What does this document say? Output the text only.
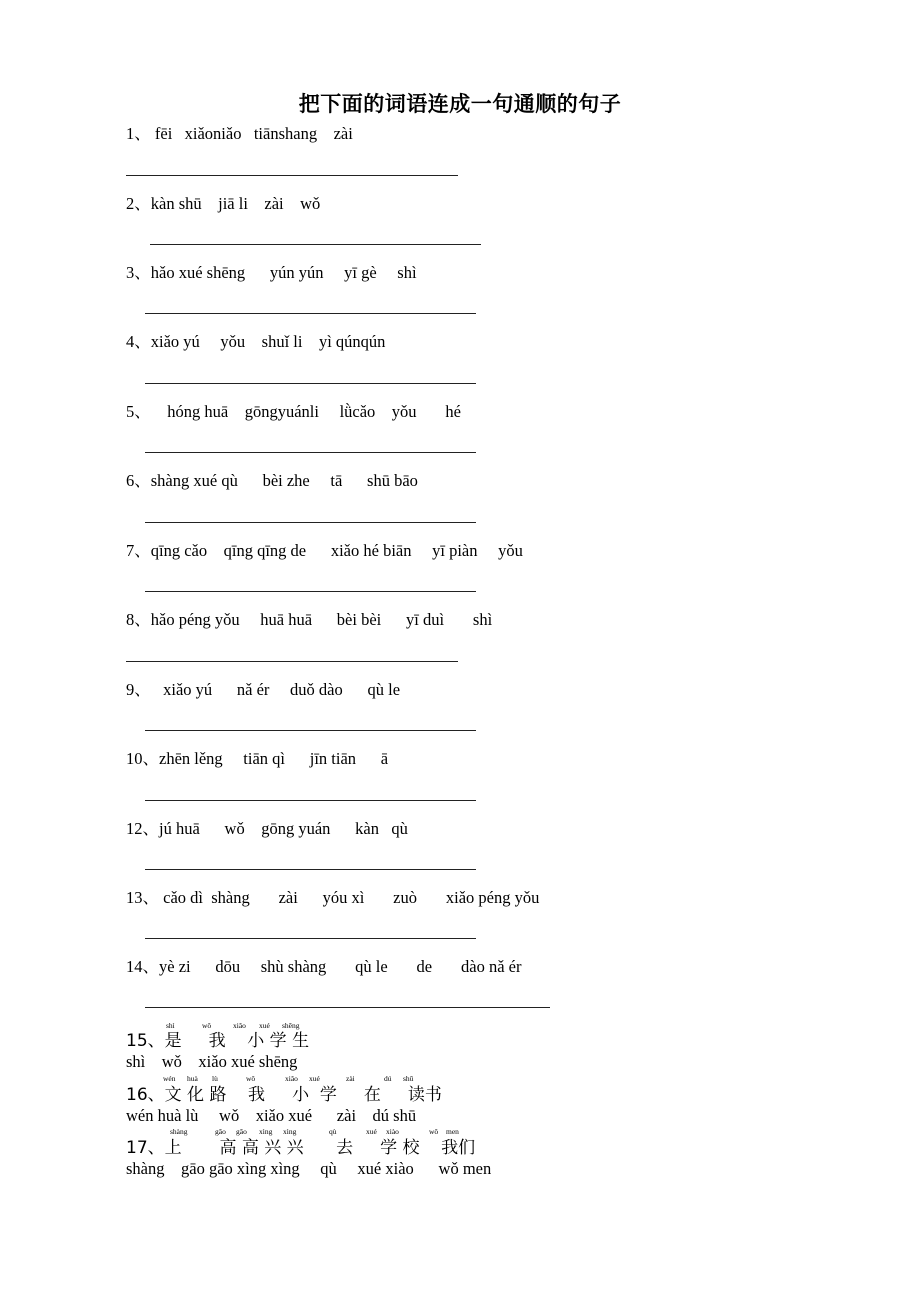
把下面的词语连成一句通顺的句子
1、 fēi   xiǎoniǎo   tiānshang    zài
2、kàn shū    jiā li    zài    wǒ
3、hǎo xué shēng      yún yún     yī gè     shì
4、xiǎo yú     yǒu    shuǐ li    yì qúnqún
5、    hóng huā    gōngyuánli     lǜcǎo    yǒu       hé
6、shàng xué qù      bèi zhe     tā      shū bāo
7、qīng cǎo    qīng qīng de      xiǎo hé biān     yī piàn     yǒu
8、hǎo péng yǒu     huā huā      bèi bèi      yī duì       shì
9、   xiǎo yú      nǎ ér     duǒ dào      qù le
10、zhēn lěng     tiān qì      jīn tiān      ā
12、jú huā      wǒ    gōng yuán      kàn   qù
13、 cǎo dì  shàng       zài      yóu xì       zuò       xiǎo péng yǒu
14、yè zi      dōu     shù shàng       qù le       de       dào nǎ ér
shì	wǒ	xiǎo xué shēng
15、是     我    小 学 生
shì    wǒ    xiǎo xué shēng
wén huà lù	wǒ	xiǎo xué	zài	dú shū
16、文 化 路    我     小  学     在     读书
wén huà lù     wǒ    xiǎo xué      zài    dú shū
shàng	gāo gāo xìng xìng	qù	xué xiào	wǒ men
17、上       高 高 兴 兴      去     学 校    我们
shàng    gāo gāo xìng xìng     qù     xué xiào      wǒ men
